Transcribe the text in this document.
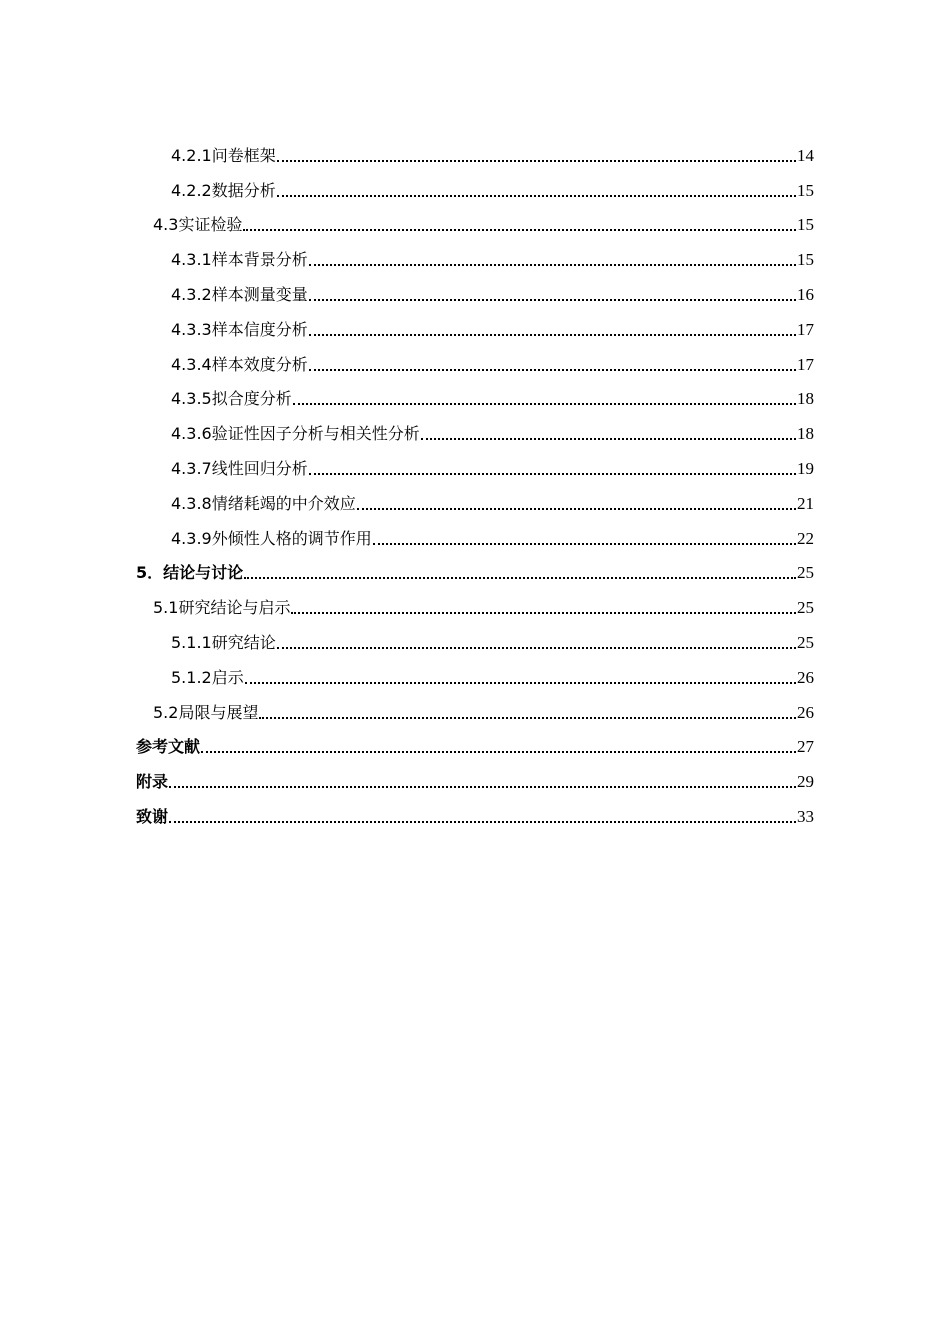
4.2.1问卷框架	14
4.2.2数据分析	15
4.3实证检验	15
4.3.1样本背景分析	15
4.3.2样本测量变量	16
4.3.3样本信度分析	17
4.3.4样本效度分析	17
4.3.5拟合度分析	18
4.3.6验证性因子分析与相关性分析	18
4.3.7线性回归分析	19
4.3.8情绪耗竭的中介效应	21
4.3.9外倾性人格的调节作用	22
5．结论与讨论	25
5.1研究结论与启示	25
5.1.1研究结论	25
5.1.2启示	26
5.2局限与展望	26
参考文献	27
附录	29
致谢	33
